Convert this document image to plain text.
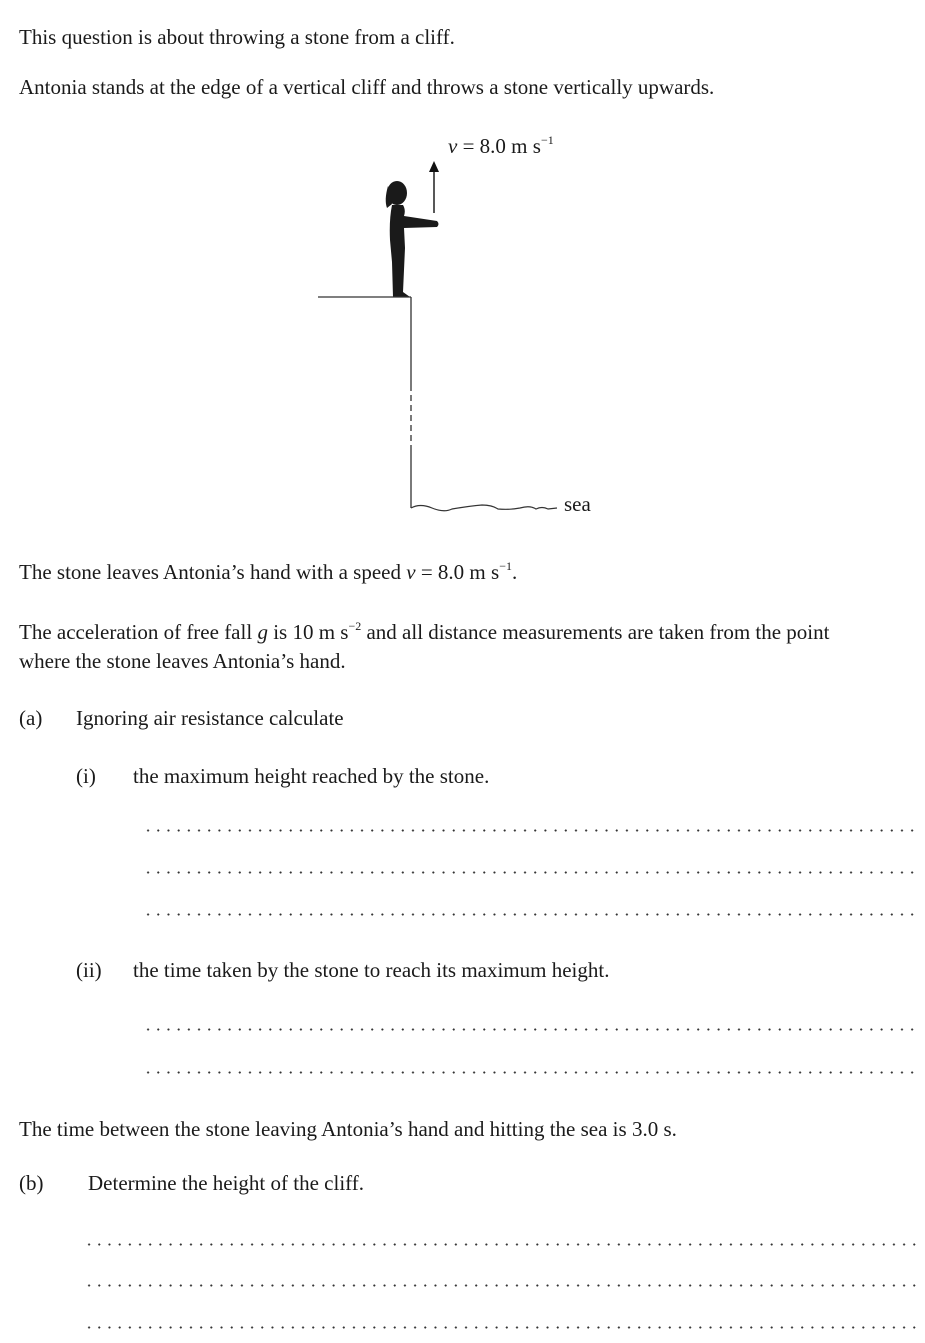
This question is about throwing a stone from a cliff.
Antonia stands at the edge of a vertical cliff and throws a stone vertically upwards.
v = 8.0 m $s^{-1}$
sea
The stone leaves Antonia’s hand with a speed v = 8.0 m $s^{-1}$.
The acceleration of free fall g is 10 m $s^{-2}$ and all distance measurements are taken from the point
where the stone leaves Antonia’s hand.
(a) Ignoring air resistance calculate
(i) the maximum height reached by the stone.
(ii) the time taken by the stone to reach its maximum height.
The time between the stone leaving Antonia’s hand and hitting the sea is 3.0 s.
(b) Determine the height of the cliff.
